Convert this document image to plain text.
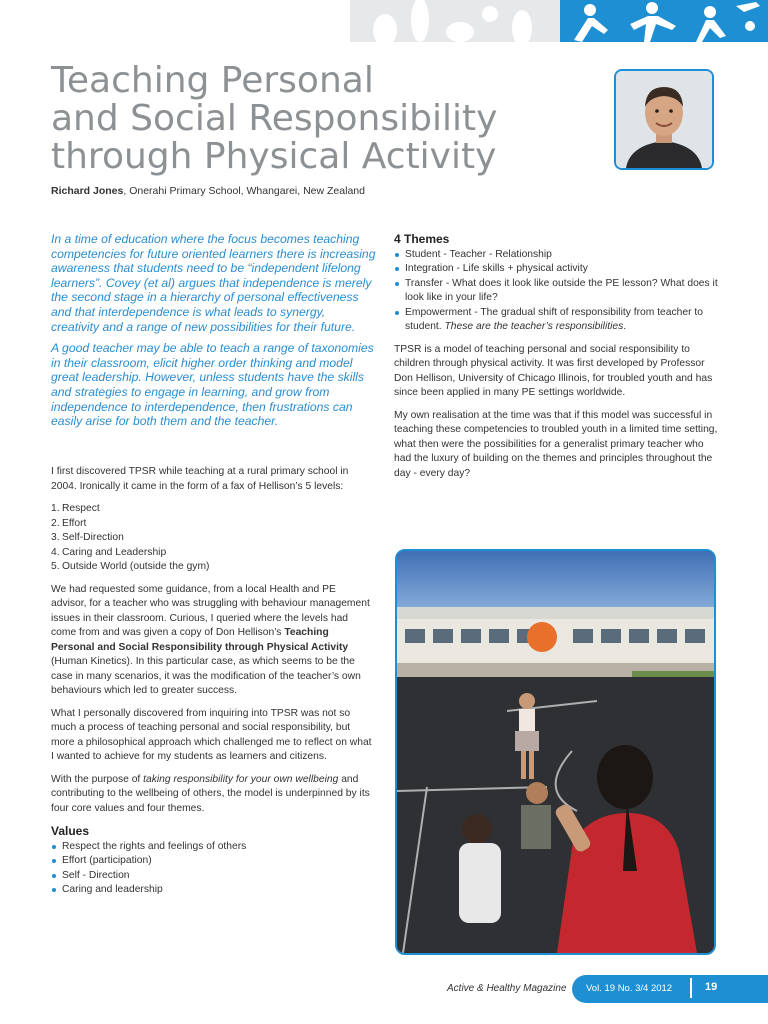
Teaching Personal
and Social Responsibility
through Physical Activity
Richard Jones, Onerahi Primary School, Whangarei, New Zealand

In a time of education where the focus becomes teaching competencies for future oriented learners there is increasing awareness that students need to be “independent lifelong learners”. Covey (et al) argues that independence is merely the second stage in a hierarchy of personal effectiveness and that interdependence is what leads to synergy, creativity and a range of new possibilities for their future.

A good teacher may be able to teach a range of taxonomies in their classroom, elicit higher order thinking and model great leadership. However, unless students have the skills and strategies to engage in learning, and grow from independence to interdependence, then frustrations can easily arise for both them and the teacher.

I first discovered TPSR while teaching at a rural primary school in 2004. Ironically it came in the form of a fax of Hellison’s 5 levels:

1. Respect
2. Effort
3. Self-Direction
4. Caring and Leadership
5. Outside World (outside the gym)

We had requested some guidance, from a local Health and PE advisor, for a teacher who was struggling with behaviour management issues in their classroom. Curious, I queried where the levels had come from and was given a copy of Don Hellison’s Teaching Personal and Social Responsibility through Physical Activity (Human Kinetics). In this particular case, as which seems to be the case in many scenarios, it was the modification of the teacher’s own behaviours which led to greater success.

What I personally discovered from inquiring into TPSR was not so much a process of teaching personal and social responsibility, but more a philosophical approach which challenged me to reflect on what I wanted to achieve for my students as learners and citizens.

With the purpose of taking responsibility for your own wellbeing and contributing to the wellbeing of others, the model is underpinned by its four core values and four themes.

Values
Respect the rights and feelings of others
Effort (participation)
Self - Direction
Caring and leadership
4 Themes
Student - Teacher - Relationship
Integration - Life skills + physical activity
Transfer - What does it look like outside the PE lesson? What does it look like in your life?
Empowerment - The gradual shift of responsibility from teacher to student. These are the teacher’s responsibilities.

TPSR is a model of teaching personal and social responsibility to children through physical activity. It was first developed by Professor Don Hellison, University of Chicago Illinois, for troubled youth and has since been applied in many PE settings worldwide.

My own realisation at the time was that if this model was successful in teaching these competencies to troubled youth in a limited time setting, what then were the possibilities for a generalist primary teacher who had the luxury of building on the themes and principles throughout the day - every day?

Active & Healthy Magazine Vol. 19 No. 3/4 2012	19
